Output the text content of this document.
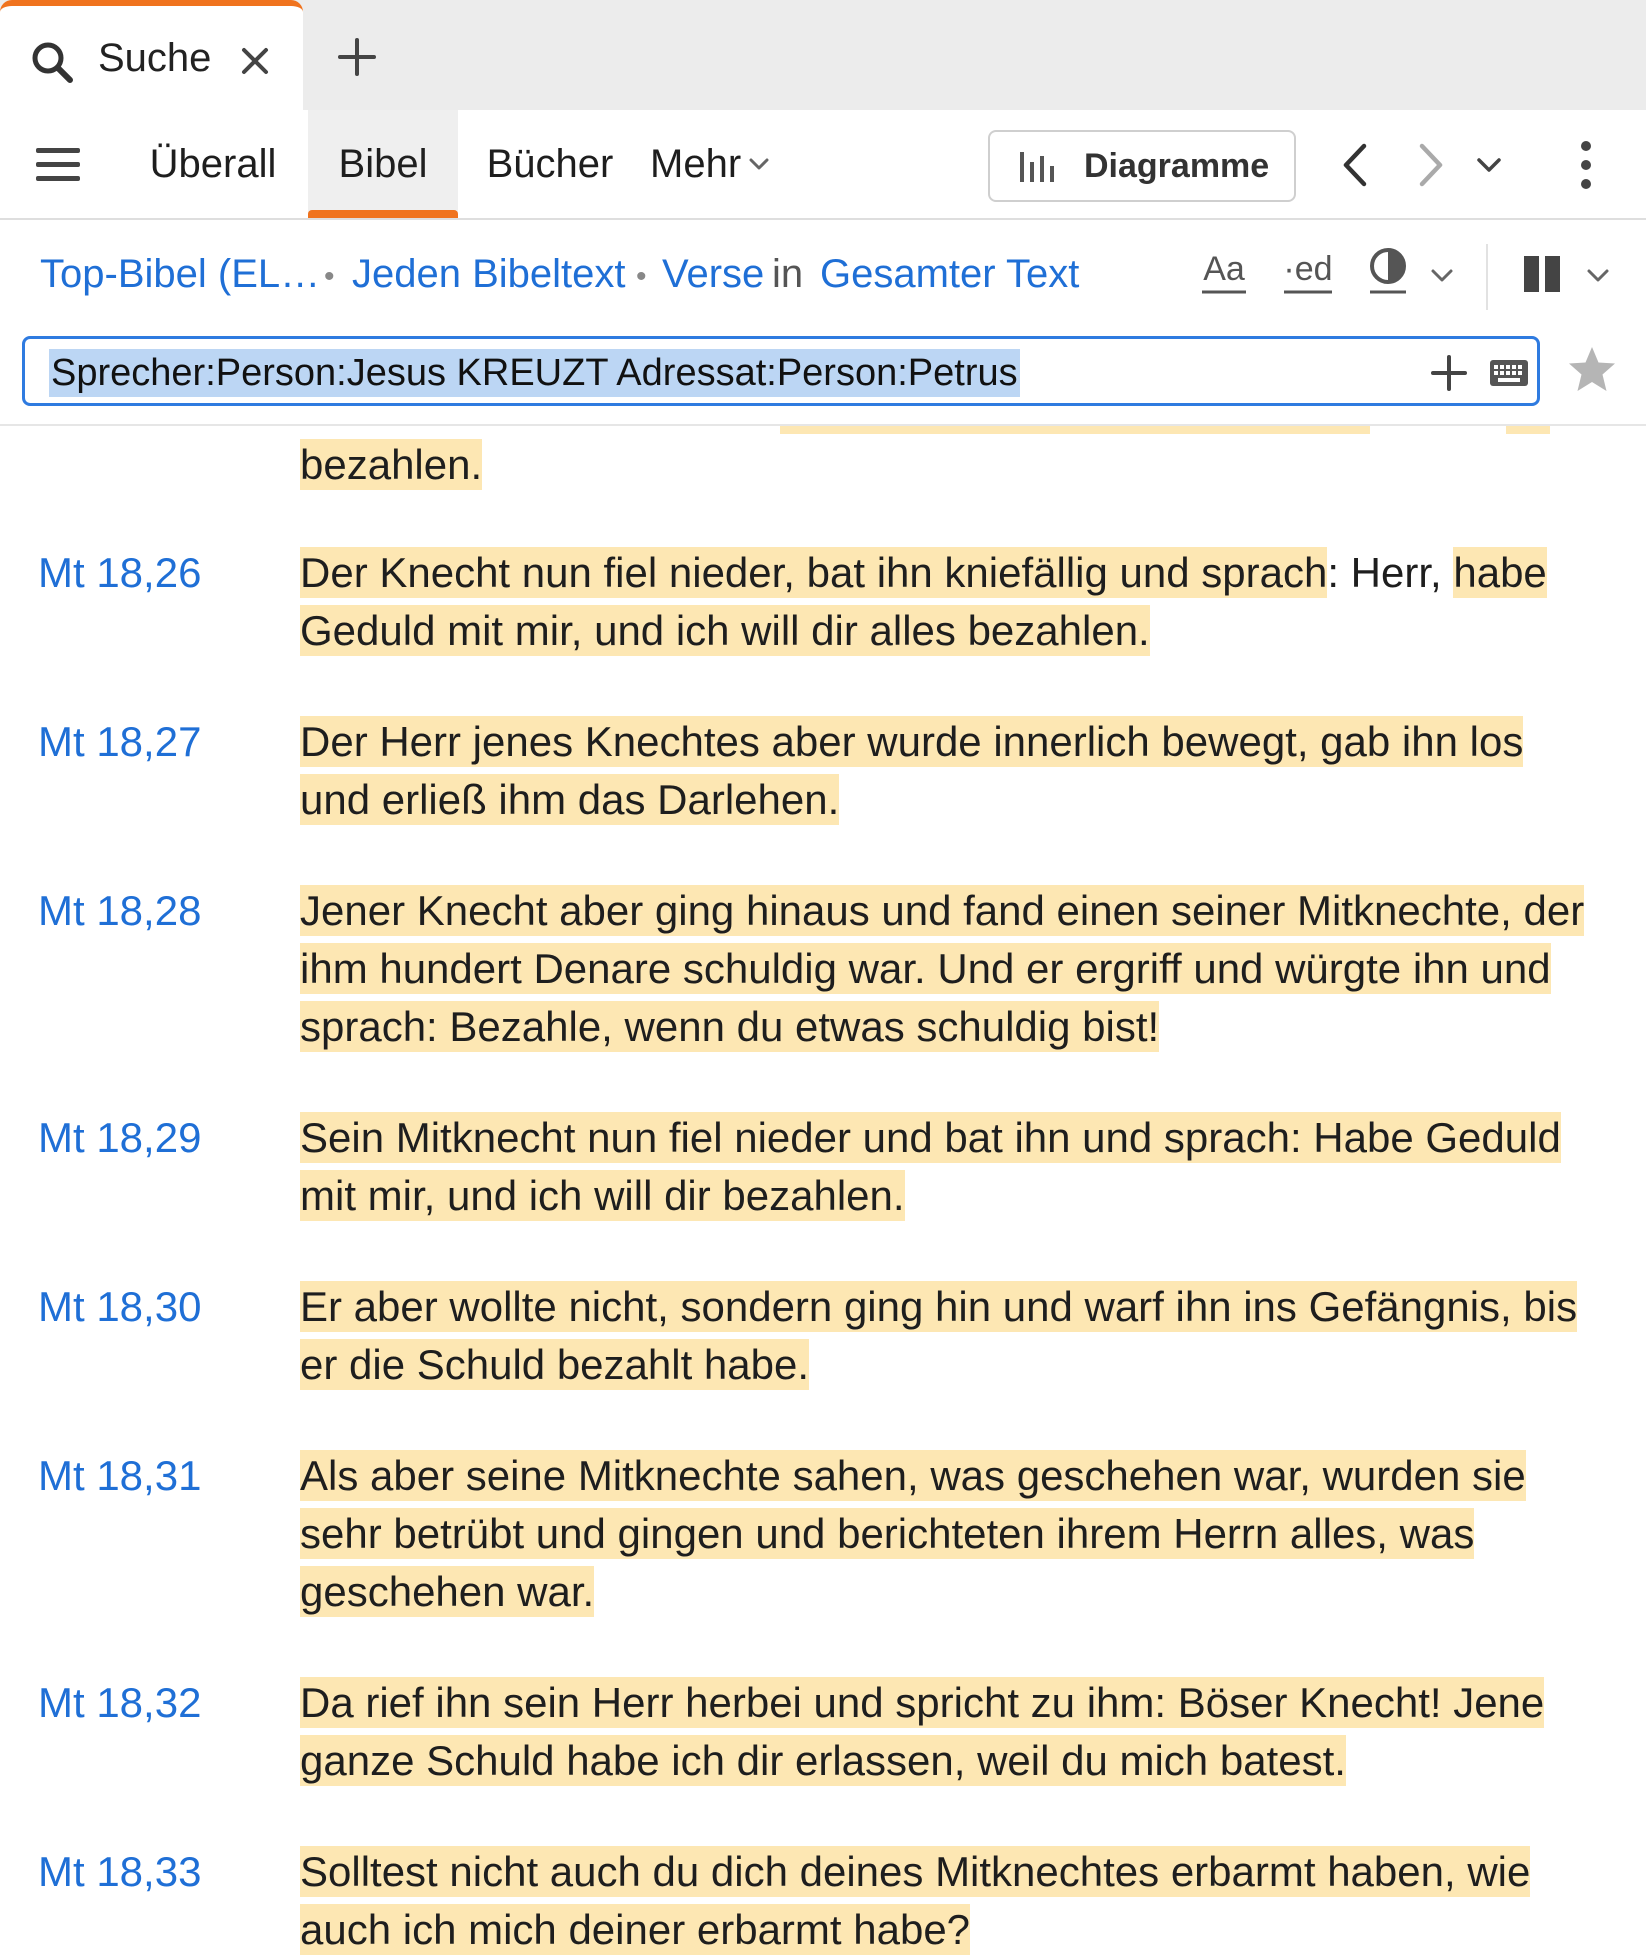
Suche
Überall Bibel Bücher Mehr	Diagramme
Top-Bibel (EL… • Jeden Bibeltext • Verse in Gesamter Text	Aa ·ed
Sprecher:Person:Jesus KREUZT Adressat:Person:Petrus
bezahlen.
Mt 18,26 Der Knecht nun fiel nieder, bat ihn kniefällig und sprach: Herr, habe Geduld mit mir, und ich will dir alles bezahlen.
Mt 18,27 Der Herr jenes Knechtes aber wurde innerlich bewegt, gab ihn los und erließ ihm das Darlehen.
Mt 18,28 Jener Knecht aber ging hinaus und fand einen seiner Mitknechte, der ihm hundert Denare schuldig war. Und er ergriff und würgte ihn und sprach: Bezahle, wenn du etwas schuldig bist!
Mt 18,29 Sein Mitknecht nun fiel nieder und bat ihn und sprach: Habe Geduld mit mir, und ich will dir bezahlen.
Mt 18,30 Er aber wollte nicht, sondern ging hin und warf ihn ins Gefängnis, bis er die Schuld bezahlt habe.
Mt 18,31 Als aber seine Mitknechte sahen, was geschehen war, wurden sie sehr betrübt und gingen und berichteten ihrem Herrn alles, was geschehen war.
Mt 18,32 Da rief ihn sein Herr herbei und spricht zu ihm: Böser Knecht! Jene ganze Schuld habe ich dir erlassen, weil du mich batest.
Mt 18,33 Solltest nicht auch du dich deines Mitknechtes erbarmt haben, wie auch ich mich deiner erbarmt habe?
